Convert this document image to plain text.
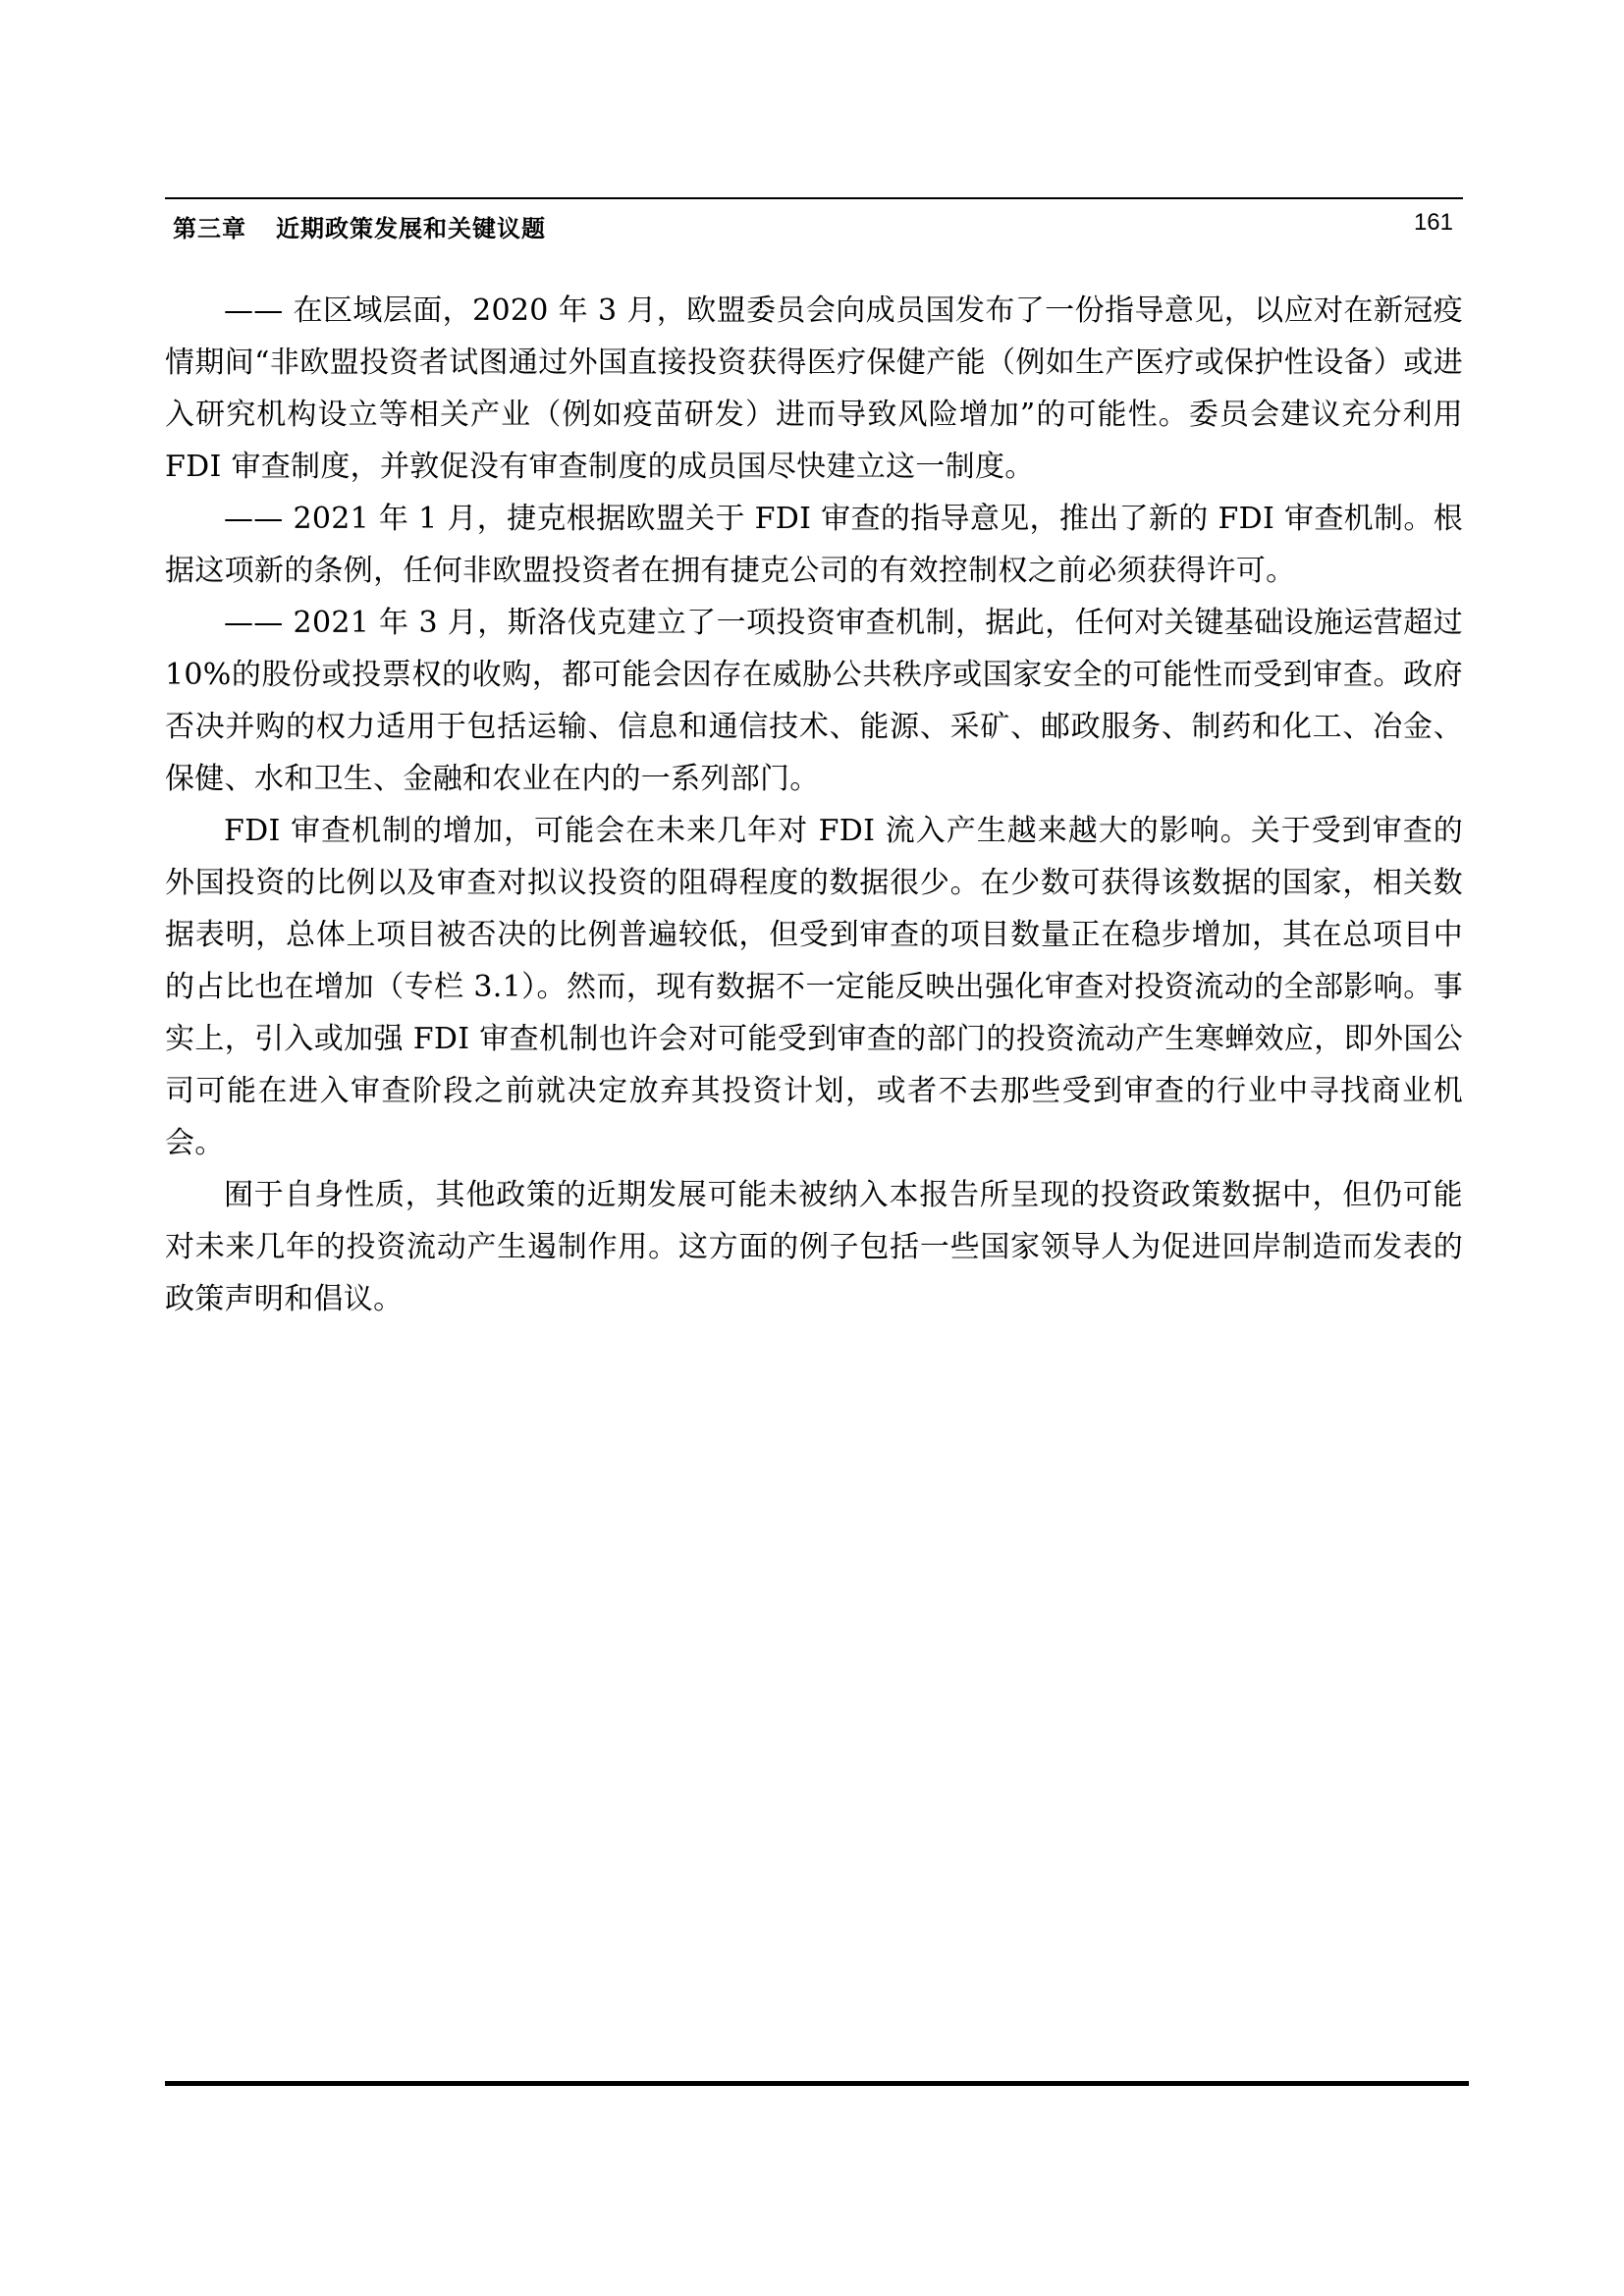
第三章 近期政策发展和关键议题	161

—— 在区域层面，2020 年 3 月，欧盟委员会向成员国发布了一份指导意见，以应对在新冠疫情期间“非欧盟投资者试图通过外国直接投资获得医疗保健产能（例如生产医疗或保护性设备）或进入研究机构设立等相关产业（例如疫苗研发）进而导致风险增加”的可能性。委员会建议充分利用 FDI 审查制度，并敦促没有审查制度的成员国尽快建立这一制度。

—— 2021 年 1 月，捷克根据欧盟关于 FDI 审查的指导意见，推出了新的 FDI 审查机制。根据这项新的条例，任何非欧盟投资者在拥有捷克公司的有效控制权之前必须获得许可。

—— 2021 年 3 月，斯洛伐克建立了一项投资审查机制，据此，任何对关键基础设施运营超过 10%的股份或投票权的收购，都可能会因存在威胁公共秩序或国家安全的可能性而受到审查。政府否决并购的权力适用于包括运输、信息和通信技术、能源、采矿、邮政服务、制药和化工、冶金、保健、水和卫生、金融和农业在内的一系列部门。

FDI 审查机制的增加，可能会在未来几年对 FDI 流入产生越来越大的影响。关于受到审查的外国投资的比例以及审查对拟议投资的阻碍程度的数据很少。在少数可获得该数据的国家，相关数据表明，总体上项目被否决的比例普遍较低，但受到审查的项目数量正在稳步增加，其在总项目中的占比也在增加（专栏 3.1）。然而，现有数据不一定能反映出强化审查对投资流动的全部影响。事实上，引入或加强 FDI 审查机制也许会对可能受到审查的部门的投资流动产生寒蝉效应，即外国公司可能在进入审查阶段之前就决定放弃其投资计划，或者不去那些受到审查的行业中寻找商业机会。

囿于自身性质，其他政策的近期发展可能未被纳入本报告所呈现的投资政策数据中，但仍可能对未来几年的投资流动产生遏制作用。这方面的例子包括一些国家领导人为促进回岸制造而发表的政策声明和倡议。
